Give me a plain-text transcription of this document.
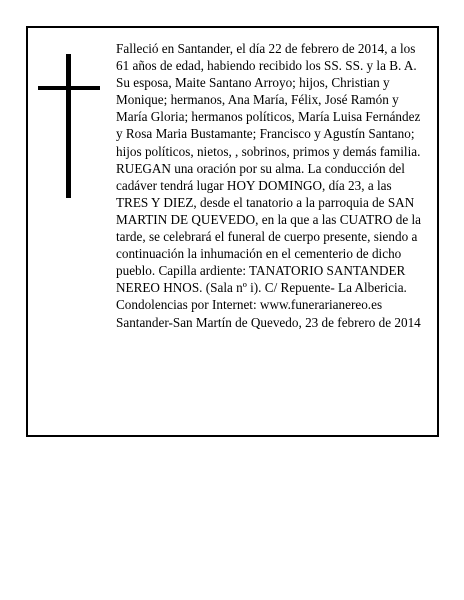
Falleció en Santander, el día 22 de febrero de 2014, a los 61 años de edad, habiendo recibido los SS. SS. y la B. A.

Su esposa, Maite Santano Arroyo; hijos, Christian y Monique; hermanos, Ana María, Félix, José Ramón y María Gloria; hermanos políticos, María Luisa Fernández y Rosa Maria Bustamante; Francisco y Agustín Santano; hijos políticos, nietos, , sobrinos, primos y demás familia.

RUEGAN una oración por su alma. La conducción del cadáver tendrá lugar HOY DOMINGO, día 23, a las TRES Y DIEZ, desde el tanatorio a la parroquia de SAN MARTIN DE QUEVEDO, en la que a las CUATRO de la tarde, se celebrará el funeral de cuerpo presente, siendo a continuación la inhumación en el cementerio de dicho pueblo. Capilla ardiente: TANATORIO SANTANDER NEREO HNOS. (Sala nº i). C/ Repuente- La Albericia.

Condolencias por Internet: www.funerarianereo.es

Santander-San Martín de Quevedo, 23 de febrero de 2014
